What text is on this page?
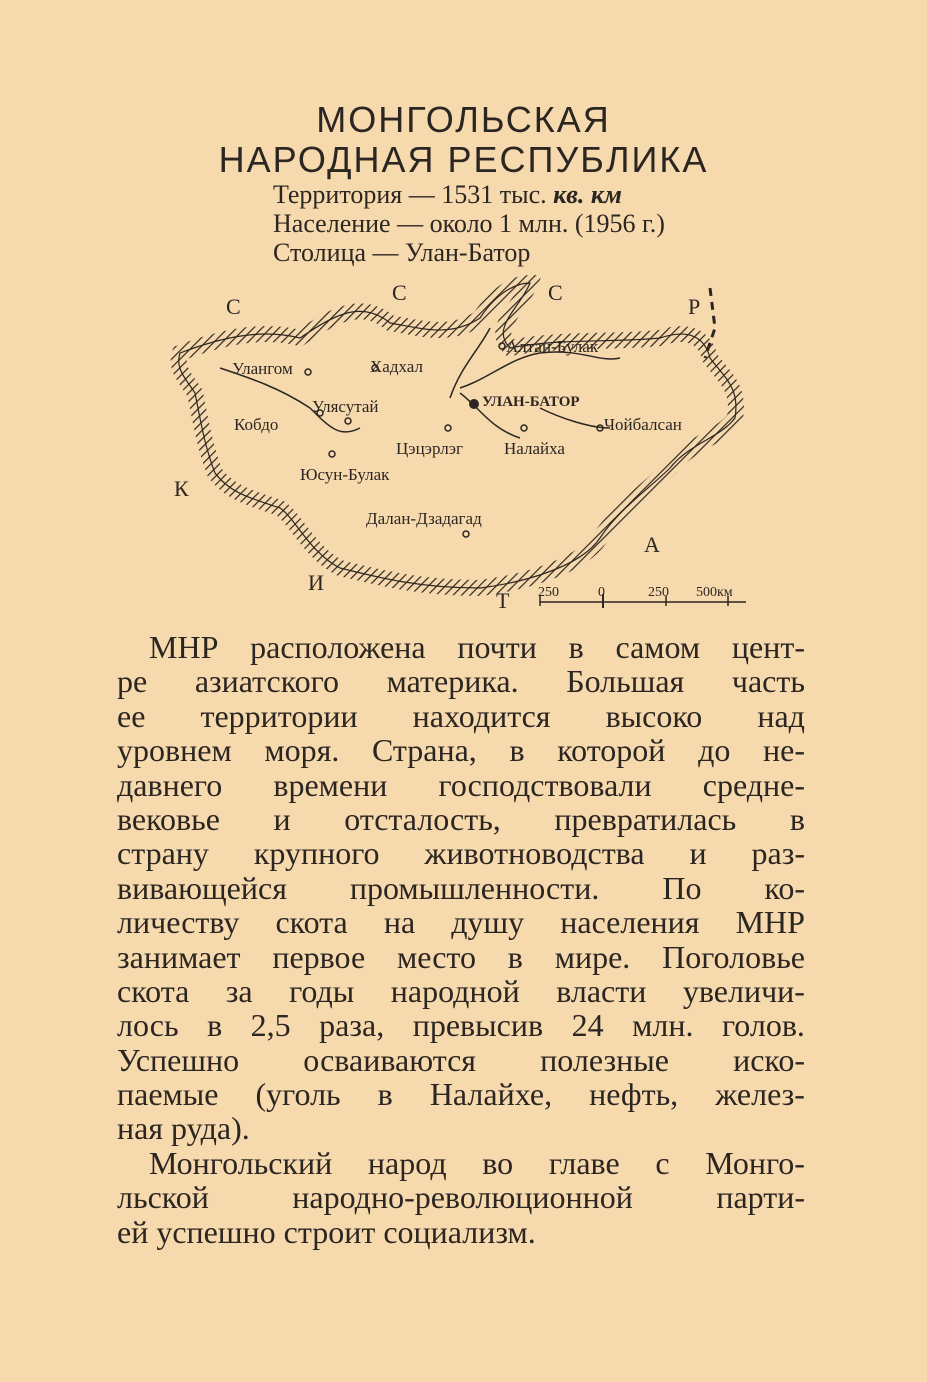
МОНГОЛЬСКАЯ
НАРОДНАЯ РЕСПУБЛИКА
Территория — 1531 тыс. кв. км
Население — около 1 млн. (1956 г.)
Столица — Улан-Батор
С	С
С	Р
К
И
Т
А
Улангом	Хадхал
Алтан-Булак
Улясутай	УЛАН-БАТОР
Кобдо	Чойбалсан
Цэцэрлэг Налайха
Юсун-Булак
Далан-Дзадагад
250	0	250 500км
МНР расположена почти в самом цент-
ре азиатского материка. Большая часть
ее территории находится высоко над
уровнем моря. Страна, в которой до не-
давнего времени господствовали средне-
вековье и отсталость, превратилась в
страну крупного животноводства и раз-
вивающейся промышленности. По ко-
личеству скота на душу населения МНР
занимает первое место в мире. Поголовье
скота за годы народной власти увеличи-
лось в 2,5 раза, превысив 24 млн. голов.
Успешно осваиваются полезные иско-
паемые (уголь в Налайхе, нефть, желез-
ная руда).
Монгольский народ во главе с Монго-
льской	народно-революционной	парти-
ей успешно строит социализм.
